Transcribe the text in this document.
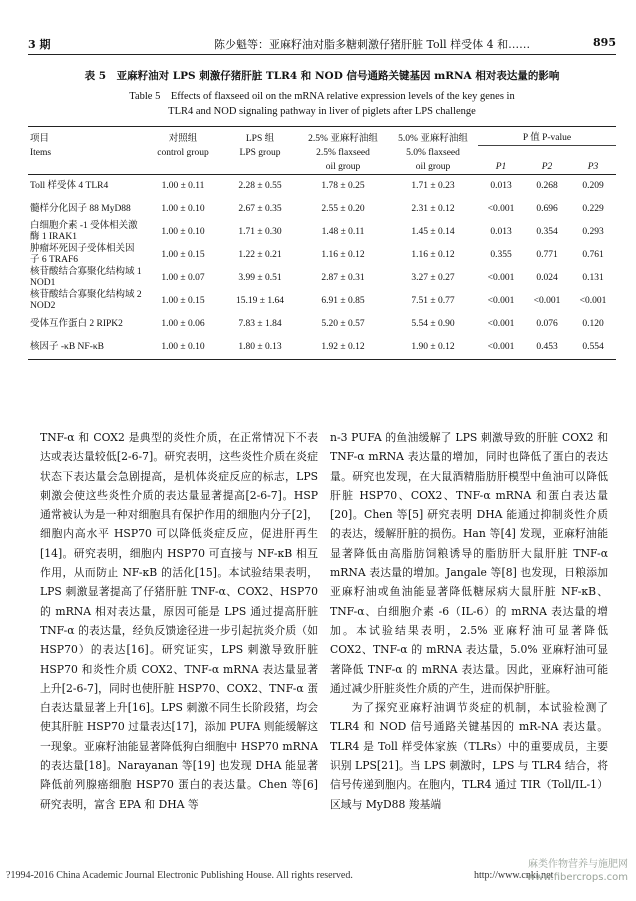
3 期	陈少魁等：亚麻籽油对脂多糖刺激仔猪肝脏 Toll 样受体 4 和……	895
表 5　亚麻籽油对 LPS 刺激仔猪肝脏 TLR4 和 NOD 信号通路关键基因 mRNA 相对表达量的影响
Table 5　Effects of flaxseed oil on the mRNA relative expression levels of the key genes in
TLR4 and NOD signaling pathway in liver of piglets after LPS challenge
项目	对照组	LPS 组	2.5% 亚麻籽油组	5.0% 亚麻籽油组	P 值 P-value		
Items	control group	LPS group	2.5% flaxseed	5.0% flaxseed			
			oil group	oil group	P1	P2	P3
Toll 样受体 4 TLR4	1.00 ± 0.11	2.28 ± 0.55	1.78 ± 0.25	1.71 ± 0.23	0.013	0.268	0.209
髓样分化因子 88 MyD88	1.00 ± 0.10	2.67 ± 0.35	2.55 ± 0.20	2.31 ± 0.12	<0.001	0.696	0.229
白细胞介素 -1 受体相关激酶 1 IRAK1	1.00 ± 0.10	1.71 ± 0.30	1.48 ± 0.11	1.45 ± 0.14	0.013	0.354	0.293
肿瘤坏死因子受体相关因子 6 TRAF6	1.00 ± 0.15	1.22 ± 0.21	1.16 ± 0.12	1.16 ± 0.12	0.355	0.771	0.761
核苷酸结合寡聚化结构域 1 NOD1	1.00 ± 0.07	3.99 ± 0.51	2.87 ± 0.31	3.27 ± 0.27	<0.001	0.024	0.131
核苷酸结合寡聚化结构域 2 NOD2	1.00 ± 0.15	15.19 ± 1.64	6.91 ± 0.85	7.51 ± 0.77	<0.001	<0.001	<0.001
受体互作蛋白 2 RIPK2	1.00 ± 0.06	7.83 ± 1.84	5.20 ± 0.57	5.54 ± 0.90	<0.001	0.076	0.120
核因子 -κB NF-κB	1.00 ± 0.10	1.80 ± 0.13	1.92 ± 0.12	1.90 ± 0.12	<0.001	0.453	0.554

TNF-α 和 COX2 是典型的炎性介质，在正常情况下不表达或表达量较低[2-6-7]。研究表明，这些炎性介质在炎症状态下表达量会急剧提高，是机体炎症反应的标志，LPS 刺激会使这些炎性介质的表达量显著提高[2-6-7]。HSP 通常被认为是一种对细胞具有保护作用的细胞内分子[2]，细胞内高水平 HSP70 可以降低炎症反应，促进肝再生[14]。研究表明，细胞内 HSP70 可直接与 NF-κB 相互作用，从而防止 NF-κB 的活化[15]。本试验结果表明，LPS 刺激显著提高了仔猪肝脏 TNF-α、COX2、HSP70 的 mRNA 相对表达量，原因可能是 LPS 通过提高肝脏 TNF-α 的表达量，经负反馈途径进一步引起抗炎介质（如 HSP70）的表达[16]。研究证实，LPS 刺激导致肝脏 HSP70 和炎性介质 COX2、TNF-α mRNA 表达量显著上升[2-6-7]，同时也使肝脏 HSP70、COX2、TNF-α 蛋白表达量显著上升[16]。LPS 刺激不同生长阶段猪，均会使其肝脏 HSP70 过量表达[17]，添加 PUFA 则能缓解这一现象。亚麻籽油能显著降低狗白细胞中 HSP70 mRNA 的表达量[18]。Narayanan 等[19] 也发现 DHA 能显著降低前列腺癌细胞 HSP70 蛋白的表达量。Chen 等[6] 研究表明，富含 EPA 和 DHA 等

n-3 PUFA 的鱼油缓解了 LPS 刺激导致的肝脏 COX2 和 TNF-α mRNA 表达量的增加，同时也降低了蛋白的表达量。研究也发现，在大鼠酒精脂肪肝模型中鱼油可以降低肝脏 HSP70、COX2、TNF-α mRNA 和蛋白表达量[20]。Chen 等[5] 研究表明 DHA 能通过抑制炎性介质的表达，缓解肝脏的损伤。Han 等[4] 发现，亚麻籽油能显著降低由高脂肪饲粮诱导的脂肪肝大鼠肝脏 TNF-α mRNA 表达量的增加。Jangale 等[8] 也发现，日粮添加亚麻籽油或鱼油能显著降低糖尿病大鼠肝脏 NF-κB、TNF-α、白细胞介素 -6（IL-6）的 mRNA 表达量的增加。本试验结果表明，2.5% 亚麻籽油可显著降低 COX2、TNF-α 的 mRNA 表达量，5.0% 亚麻籽油可显著降低 TNF-α 的 mRNA 表达量。因此，亚麻籽油可能通过减少肝脏炎性介质的产生，进而保护肝脏。

为了探究亚麻籽油调节炎症的机制，本试验检测了 TLR4 和 NOD 信号通路关键基因的 mR-NA 表达量。TLR4 是 Toll 样受体家族（TLRs）中的重要成员，主要识别 LPS[21]。当 LPS 刺激时，LPS 与 TLR4 结合，将信号传递到胞内。在胞内，TLR4 通过 TIR（Toll/IL-1）区域与 MyD88 羧基端

?1994-2016 China Academic Journal Electronic Publishing House. All rights reserved.	http://www.cnki.net
麻类作物营养与施肥网
www.fibercrops.com
